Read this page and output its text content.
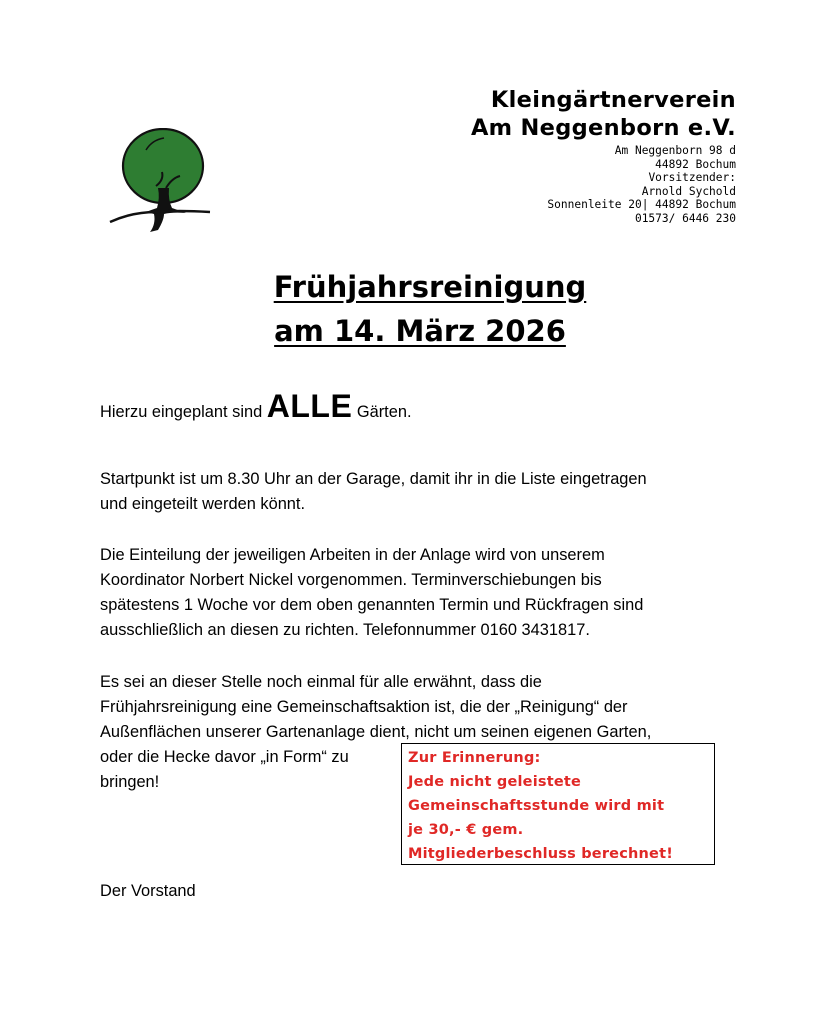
Kleingärtnerverein
Am Neggenborn e.V.
Am Neggenborn 98 d
44892 Bochum
Vorsitzender:
Arnold Sychold
Sonnenleite 20| 44892 Bochum
01573/ 6446 230
Frühjahrsreinigung
am 14. März 2026
Hierzu eingeplant sind ALLE Gärten.
Startpunkt ist um 8.30 Uhr an der Garage, damit ihr in die Liste eingetragen
und eingeteilt werden könnt.
Die Einteilung der jeweiligen Arbeiten in der Anlage wird von unserem
Koordinator Norbert Nickel vorgenommen. Terminverschiebungen bis
spätestens 1 Woche vor dem oben genannten Termin und Rückfragen sind
ausschließlich an diesen zu richten. Telefonnummer 0160 3431817.
Es sei an dieser Stelle noch einmal für alle erwähnt, dass die
Frühjahrsreinigung eine Gemeinschaftsaktion ist, die der „Reinigung“ der
Außenflächen unserer Gartenanlage dient, nicht um seinen eigenen Garten,
oder die Hecke davor „in Form“ zu
bringen!
Zur Erinnerung:
Jede nicht geleistete
Gemeinschaftsstunde wird mit
je 30,- € gem.
Mitgliederbeschluss berechnet!
Der Vorstand
